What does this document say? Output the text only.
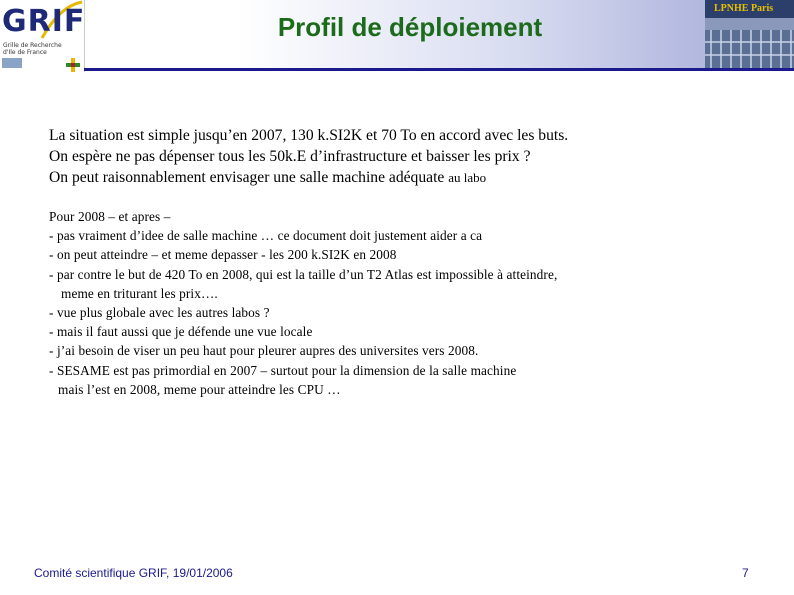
GRIF
Grille de Recherche d'Ile de France
Profil de déploiement
LPNHE Paris
La situation est simple jusqu’en 2007, 130 k.SI2K et 70 To en accord avec les buts.
On espère ne pas dépenser tous les 50k.E d’infrastructure et baisser les prix ?
On peut raisonnablement envisager une salle machine adéquate au labo
Pour 2008 – et apres –
- pas vraiment d’idee de salle machine … ce document doit justement aider a ca
- on peut atteindre – et meme depasser - les 200 k.SI2K en 2008
- par contre le but de 420 To en 2008, qui est la taille d’un T2 Atlas est impossible à atteindre,
meme en triturant les prix….
- vue plus globale avec les autres labos ?
- mais il faut aussi que je défende une vue locale
- j’ai besoin de viser un peu haut pour pleurer aupres des universites vers 2008.
- SESAME est pas primordial en 2007 – surtout pour la dimension de la salle machine
mais l’est en 2008, meme pour atteindre les CPU …
Comité scientifique GRIF, 19/01/2006	7
